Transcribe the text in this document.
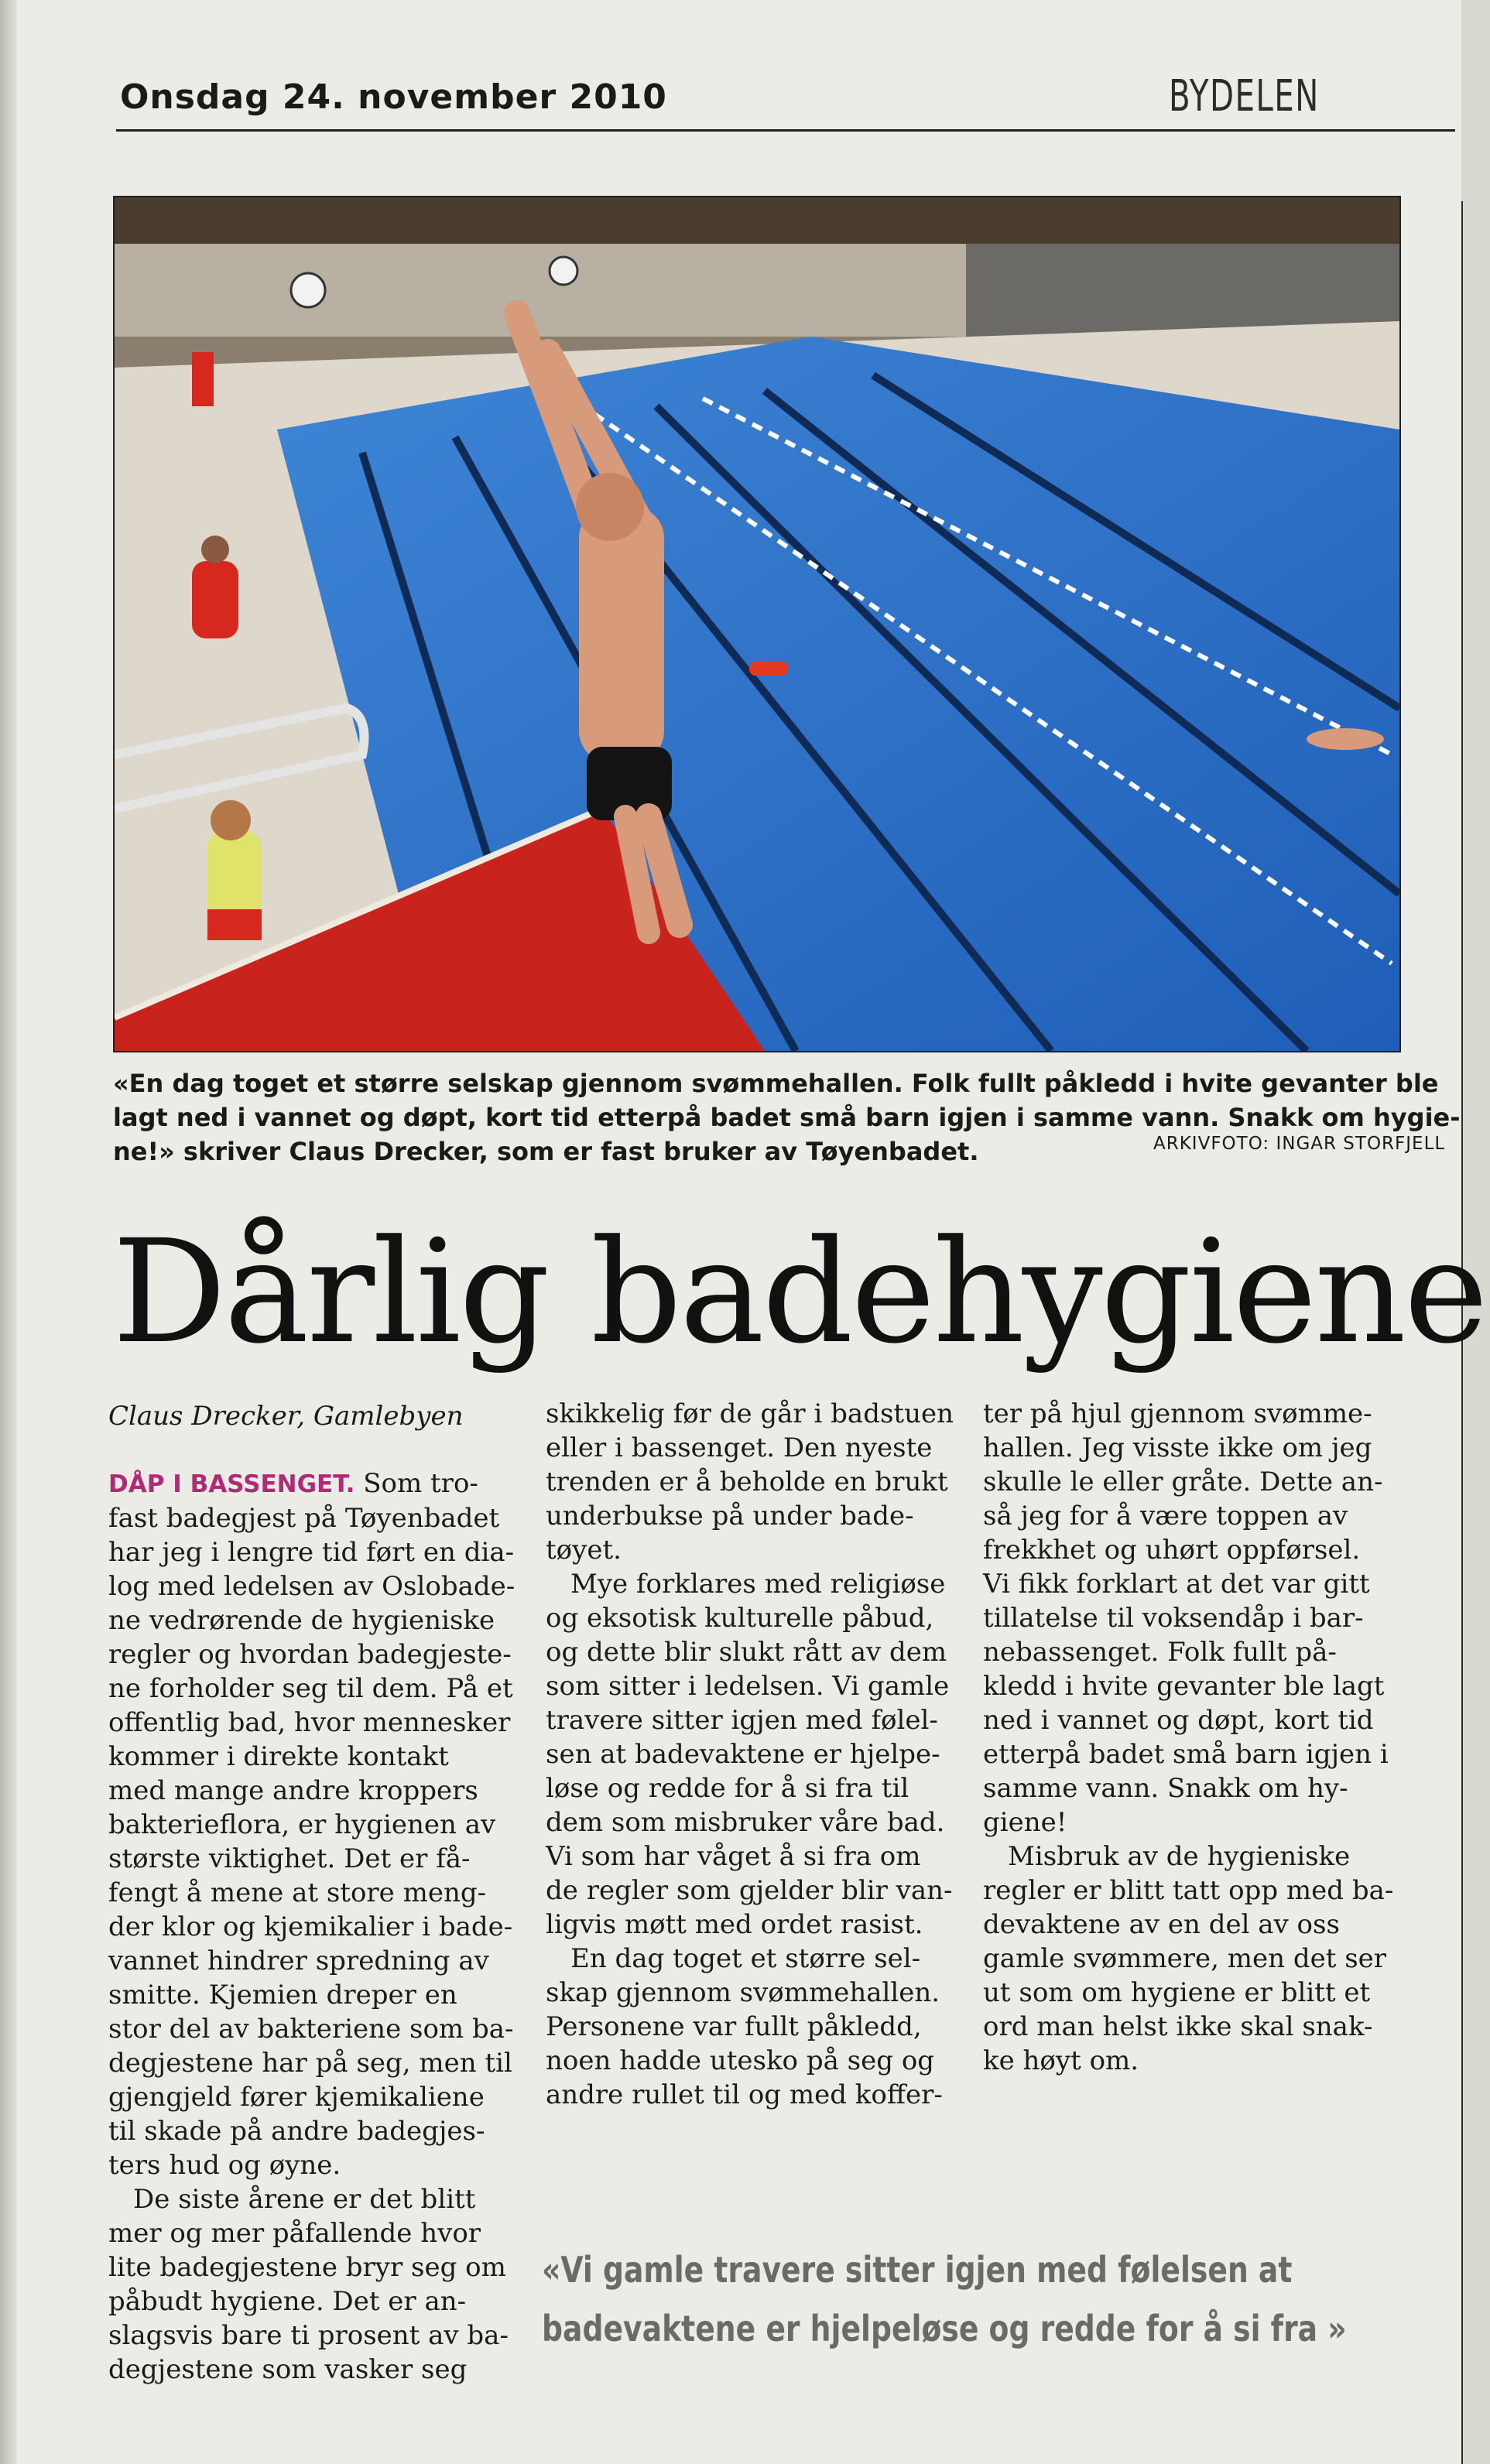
Onsdag 24. november 2010	BYDELEN
«En dag toget et større selskap gjennom svømmehallen. Folk fullt påkledd i hvite gevanter ble
lagt ned i vannet og døpt, kort tid etterpå badet små barn igjen i samme vann. Snakk om hygie-
ne!» skriver Claus Drecker, som er fast bruker av Tøyenbadet.	ARKIVFOTO: INGAR STORFJELL
Dårlig badehygiene
Claus Drecker, Gamlebyen
DÅP I BASSENGET. Som tro-
fast badegjest på Tøyenbadet
har jeg i lengre tid ført en dia-
log med ledelsen av Oslobade-
ne vedrørende de hygieniske
regler og hvordan badegjeste-
ne forholder seg til dem. På et
offentlig bad, hvor mennesker
kommer i direkte kontakt
med mange andre kroppers
bakterieflora, er hygienen av
største viktighet. Det er få-
fengt å mene at store meng-
der klor og kjemikalier i bade-
vannet hindrer spredning av
smitte. Kjemien dreper en
stor del av bakteriene som ba-
degjestene har på seg, men til
gjengjeld fører kjemikaliene
til skade på andre badegjes-
ters hud og øyne.
De siste årene er det blitt
mer og mer påfallende hvor
lite badegjestene bryr seg om
påbudt hygiene. Det er an-
slagsvis bare ti prosent av ba-
degjestene som vasker seg
skikkelig før de går i badstuen
eller i bassenget. Den nyeste
trenden er å beholde en brukt
underbukse på under bade-
tøyet.
Mye forklares med religiøse
og eksotisk kulturelle påbud,
og dette blir slukt rått av dem
som sitter i ledelsen. Vi gamle
travere sitter igjen med følel-
sen at badevaktene er hjelpe-
løse og redde for å si fra til
dem som misbruker våre bad.
Vi som har våget å si fra om
de regler som gjelder blir van-
ligvis møtt med ordet rasist.
En dag toget et større sel-
skap gjennom svømmehallen.
Personene var fullt påkledd,
noen hadde utesko på seg og
andre rullet til og med koffer-
ter på hjul gjennom svømme-
hallen. Jeg visste ikke om jeg
skulle le eller gråte. Dette an-
så jeg for å være toppen av
frekkhet og uhørt oppførsel.
Vi fikk forklart at det var gitt
tillatelse til voksendåp i bar-
nebassenget. Folk fullt på-
kledd i hvite gevanter ble lagt
ned i vannet og døpt, kort tid
etterpå badet små barn igjen i
samme vann. Snakk om hy-
giene!
Misbruk av de hygieniske
regler er blitt tatt opp med ba-
devaktene av en del av oss
gamle svømmere, men det ser
ut som om hygiene er blitt et
ord man helst ikke skal snak-
ke høyt om.
«Vi gamle travere sitter igjen med følelsen at
badevaktene er hjelpeløse og redde for å si fra »
